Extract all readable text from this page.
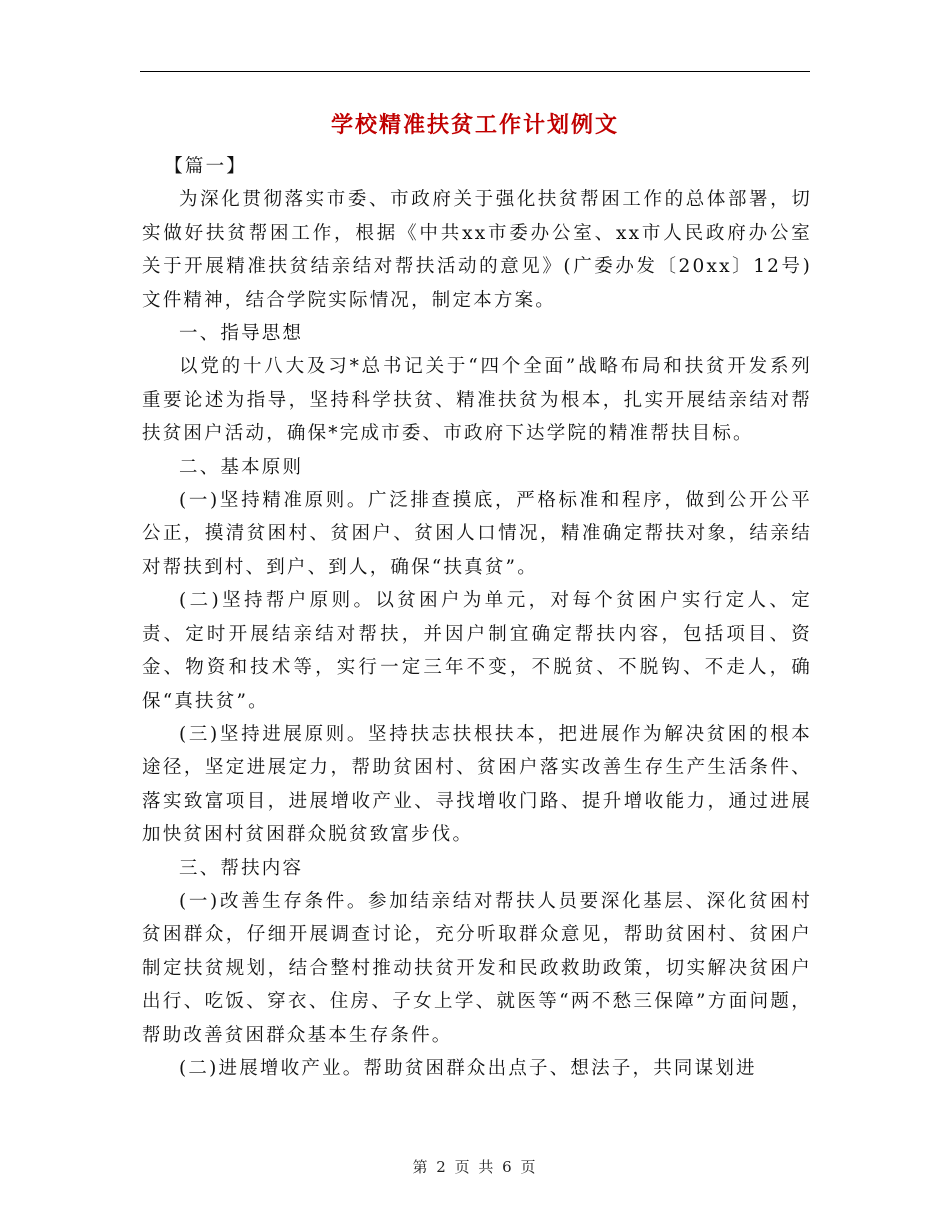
学校精准扶贫工作计划例文

【篇一】

为深化贯彻落实市委、市政府关于强化扶贫帮困工作的总体部署，切实做好扶贫帮困工作，根据《中共xx市委办公室、xx市人民政府办公室关于开展精准扶贫结亲结对帮扶活动的意见》(广委办发〔20xx〕12号)文件精神，结合学院实际情况，制定本方案。

一、指导思想

以党的十八大及习*总书记关于“四个全面”战略布局和扶贫开发系列重要论述为指导，坚持科学扶贫、精准扶贫为根本，扎实开展结亲结对帮扶贫困户活动，确保*完成市委、市政府下达学院的精准帮扶目标。

二、基本原则

(一)坚持精准原则。广泛排查摸底，严格标准和程序，做到公开公平公正，摸清贫困村、贫困户、贫困人口情况，精准确定帮扶对象，结亲结对帮扶到村、到户、到人，确保“扶真贫”。

(二)坚持帮户原则。以贫困户为单元，对每个贫困户实行定人、定责、定时开展结亲结对帮扶，并因户制宜确定帮扶内容，包括项目、资金、物资和技术等，实行一定三年不变，不脱贫、不脱钩、不走人，确保“真扶贫”。

(三)坚持进展原则。坚持扶志扶根扶本，把进展作为解决贫困的根本途径，坚定进展定力，帮助贫困村、贫困户落实改善生存生产生活条件、落实致富项目，进展增收产业、寻找增收门路、提升增收能力，通过进展加快贫困村贫困群众脱贫致富步伐。

三、帮扶内容

(一)改善生存条件。参加结亲结对帮扶人员要深化基层、深化贫困村贫困群众，仔细开展调查讨论，充分听取群众意见，帮助贫困村、贫困户制定扶贫规划，结合整村推动扶贫开发和民政救助政策，切实解决贫困户出行、吃饭、穿衣、住房、子女上学、就医等“两不愁三保障”方面问题，帮助改善贫困群众基本生存条件。

(二)进展增收产业。帮助贫困群众出点子、想法子，共同谋划进

第 2 页 共 6 页
